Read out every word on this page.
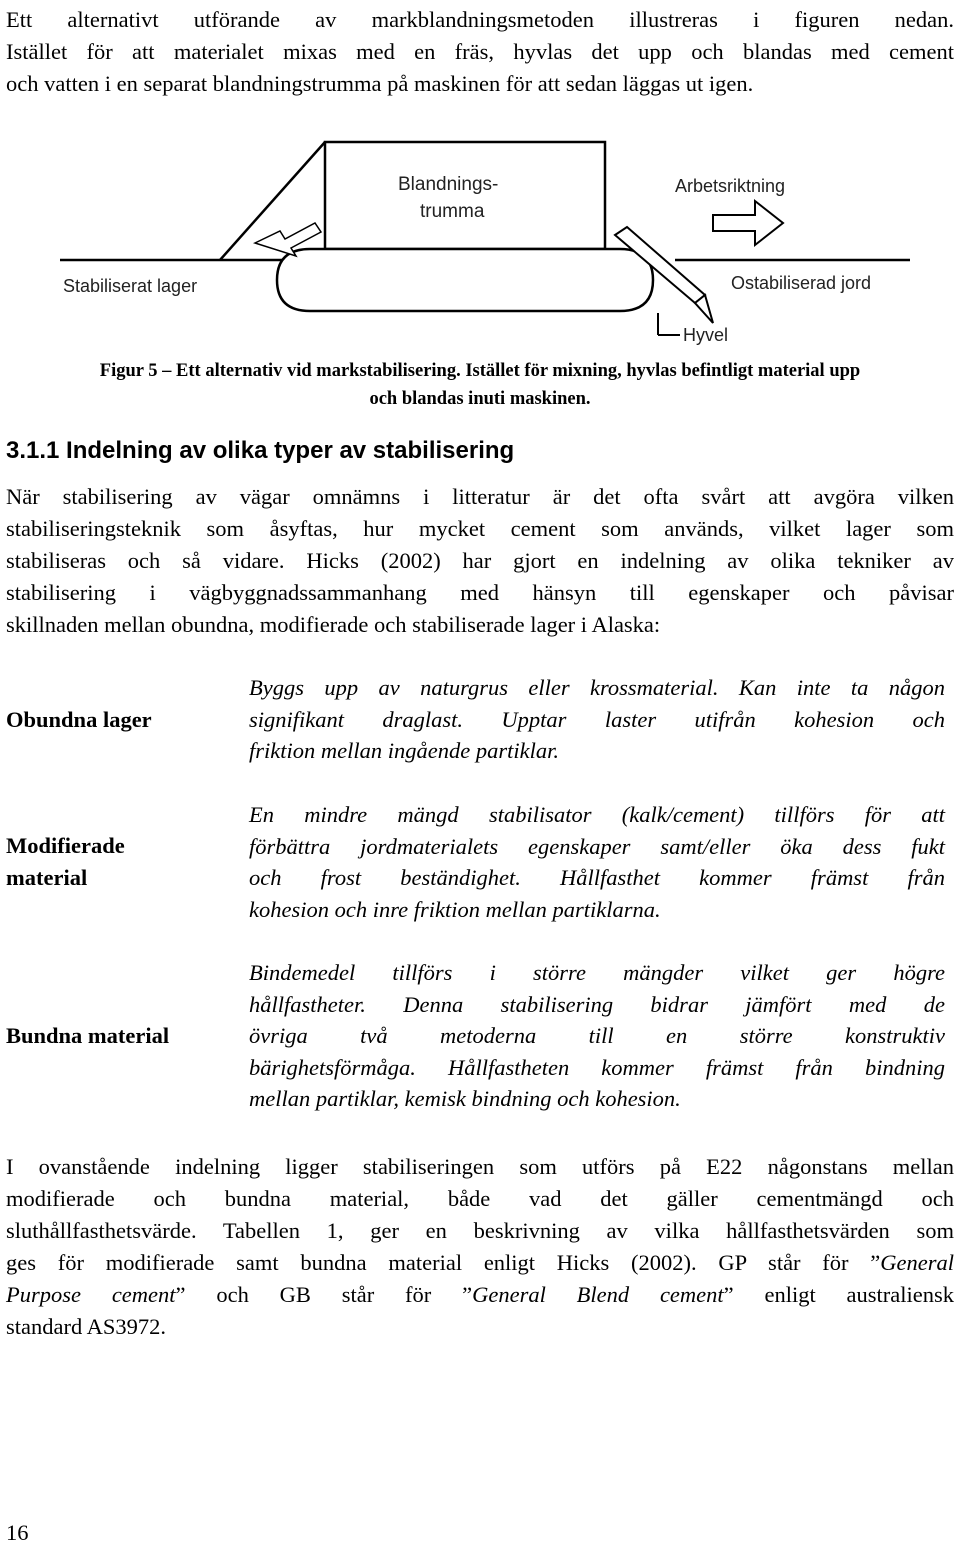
Ett alternativt utförande av markblandningsmetoden illustreras i figuren nedan.
Istället för att materialet mixas med en fräs, hyvlas det upp och blandas med cement
och vatten i en separat blandningstrumma på maskinen för att sedan läggas ut igen.
Blandnings-
trumma
Arbetsriktning
Stabiliserat lager	Ostabiliserad jord
Hyvel
Figur 5 – Ett alternativ vid markstabilisering. Istället för mixning, hyvlas befintligt material upp
och blandas inuti maskinen.
3.1.1 Indelning av olika typer av stabilisering
När stabilisering av vägar omnämns i litteratur är det ofta svårt att avgöra vilken
stabiliseringsteknik som åsyftas, hur mycket cement som används, vilket lager som
stabiliseras och så vidare. Hicks (2002) har gjort en indelning av olika tekniker av
stabilisering i vägbyggnadssammanhang med hänsyn till egenskaper och påvisar
skillnaden mellan obundna, modifierade och stabiliserade lager i Alaska:
Obundna lager
Byggs upp av naturgrus eller krossmaterial. Kan inte ta någon
signifikant draglast. Upptar laster utifrån kohesion och
friktion mellan ingående partiklar.
Modifierade
material
En mindre mängd stabilisator (kalk/cement) tillförs för att
förbättra jordmaterialets egenskaper samt/eller öka dess fukt
och frost beständighet. Hållfasthet kommer främst från
kohesion och inre friktion mellan partiklarna.
Bundna material
Bindemedel tillförs i större mängder vilket ger högre
hållfastheter. Denna stabilisering bidrar jämfört med de
övriga två metoderna till en större konstruktiv
bärighetsförmåga. Hållfastheten kommer främst från bindning
mellan partiklar, kemisk bindning och kohesion.
I ovanstående indelning ligger stabiliseringen som utförs på E22 någonstans mellan
modifierade och bundna material, både vad det gäller cementmängd och
sluthållfasthetsvärde. Tabellen 1, ger en beskrivning av vilka hållfasthetsvärden som
ges för modifierade samt bundna material enligt Hicks (2002). GP står för ”General
Purpose cement” och GB står för ”General Blend cement” enligt australiensk
standard AS3972.
16
